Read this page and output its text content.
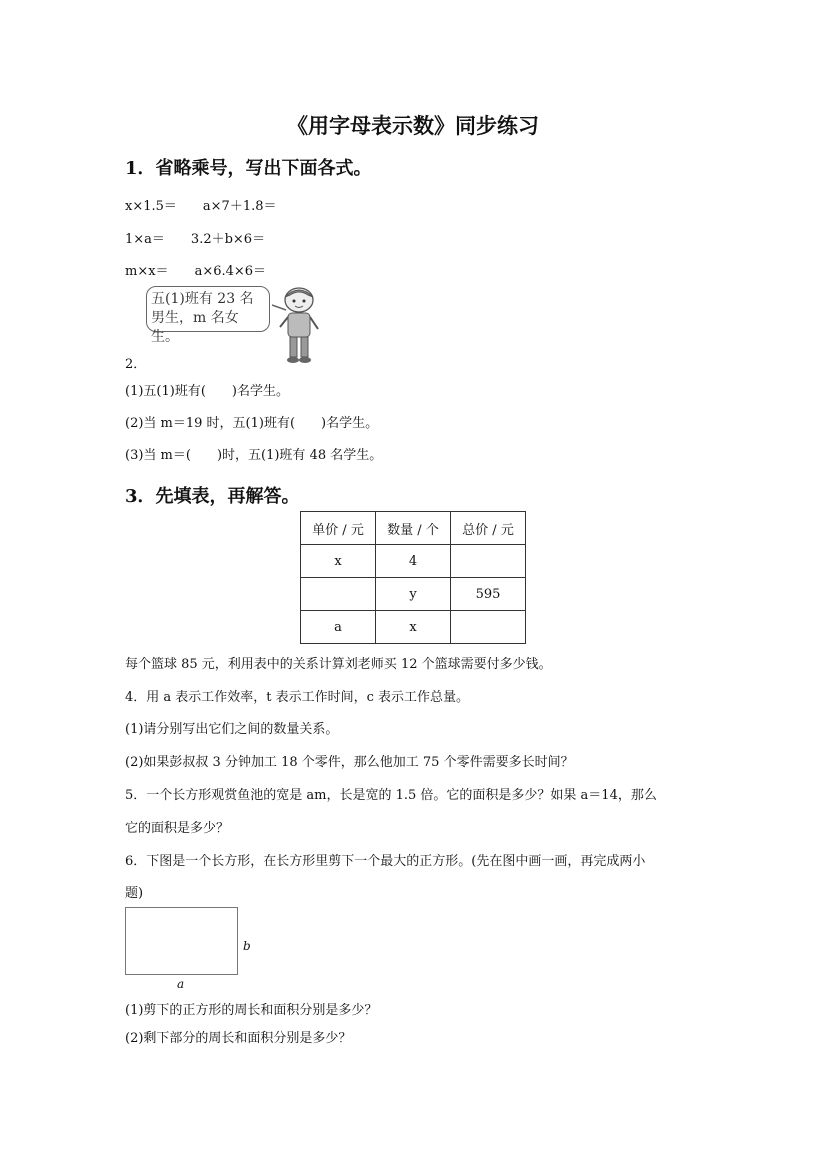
《用字母表示数》同步练习
1．省略乘号，写出下面各式。
x×1.5＝ a×7＋1.8＝
1×a＝ 3.2＋b×6＝
m×x＝ a×6.4×6＝
五(1)班有 23 名
男生，m 名女生。
2．
(1)五(1)班有(　　)名学生。
(2)当 m＝19 时，五(1)班有(　　)名学生。
(3)当 m＝(　　)时，五(1)班有 48 名学生。
3．先填表，再解答。
单价 / 元	数量 / 个	总价 / 元
x	4	
	y	595
a	x	
每个篮球 85 元，利用表中的关系计算刘老师买 12 个篮球需要付多少钱。
4．用 a 表示工作效率，t 表示工作时间，c 表示工作总量。
(1)请分别写出它们之间的数量关系。
(2)如果彭叔叔 3 分钟加工 18 个零件，那么他加工 75 个零件需要多长时间？
5．一个长方形观赏鱼池的宽是 am，长是宽的 1.5 倍。它的面积是多少？如果 a＝14，那么
它的面积是多少？
6．下图是一个长方形，在长方形里剪下一个最大的正方形。(先在图中画一画，再完成两小
题)
b
a
(1)剪下的正方形的周长和面积分别是多少？
(2)剩下部分的周长和面积分别是多少？
